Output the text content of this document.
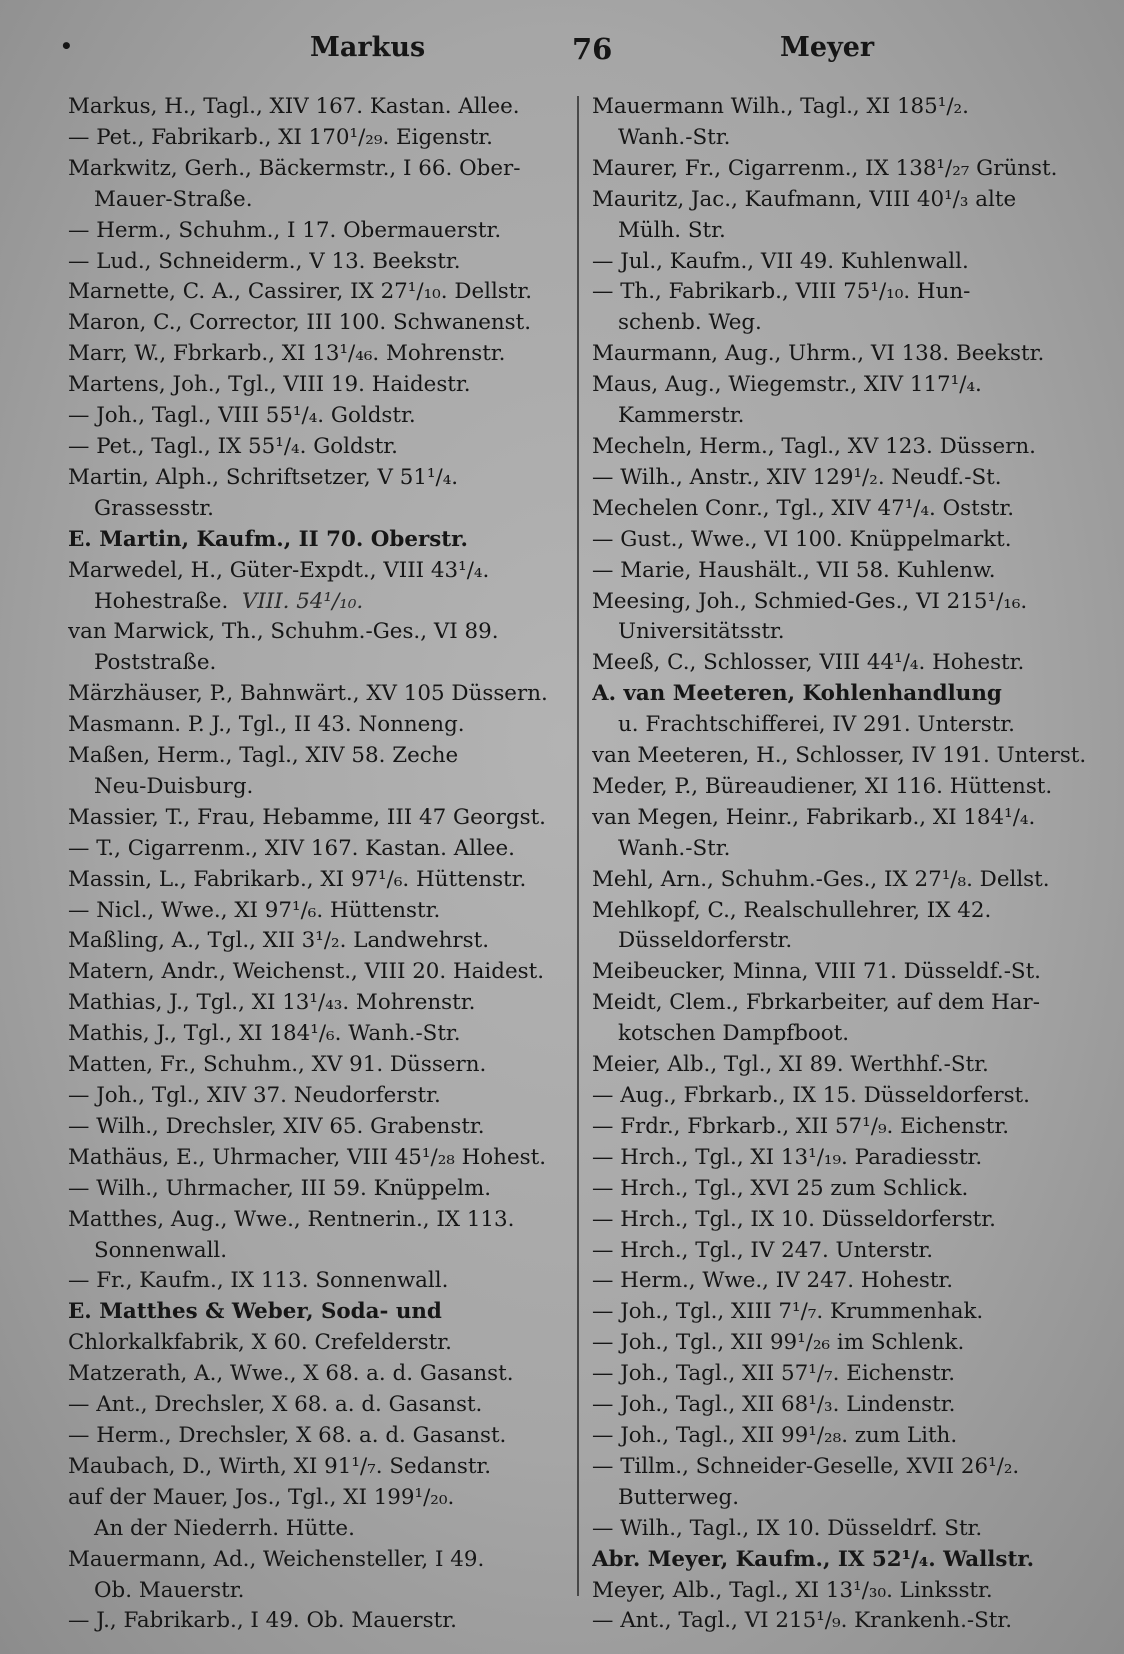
•	Markus	76	Meyer

Markus, H., Tagl., XIV 167. Kastan. Allee.

— Pet., Fabrikarb., XI 170¹/₂₉. Eigenstr.

Markwitz, Gerh., Bäckermstr., I 66. Ober-

Mauer-Straße.

— Herm., Schuhm., I 17. Obermauerstr.

— Lud., Schneiderm., V 13. Beekstr.

Marnette, C. A., Cassirer, IX 27¹/₁₀. Dellstr.

Maron, C., Corrector, III 100. Schwanenst.

Marr, W., Fbrkarb., XI 13¹/₄₆. Mohrenstr.

Martens, Joh., Tgl., VIII 19. Haidestr.

— Joh., Tagl., VIII 55¹/₄. Goldstr.

— Pet., Tagl., IX 55¹/₄. Goldstr.

Martin, Alph., Schriftsetzer, V 51¹/₄.

Grassesstr.

E. Martin, Kaufm., II 70. Oberstr.

Marwedel, H., Güter-Expdt., VIII 43¹/₄.

Hohestraße. VIII. 54¹/₁₀.

van Marwick, Th., Schuhm.-Ges., VI 89.

Poststraße.

Märzhäuser, P., Bahnwärt., XV 105 Düssern.

Masmann. P. J., Tgl., II 43. Nonneng.

Maßen, Herm., Tagl., XIV 58. Zeche

Neu-Duisburg.

Massier, T., Frau, Hebamme, III 47 Georgst.

— T., Cigarrenm., XIV 167. Kastan. Allee.

Massin, L., Fabrikarb., XI 97¹/₆. Hüttenstr.

— Nicl., Wwe., XI 97¹/₆. Hüttenstr.

Maßling, A., Tgl., XII 3¹/₂. Landwehrst.

Matern, Andr., Weichenst., VIII 20. Haidest.

Mathias, J., Tgl., XI 13¹/₄₃. Mohrenstr.

Mathis, J., Tgl., XI 184¹/₆. Wanh.-Str.

Matten, Fr., Schuhm., XV 91. Düssern.

— Joh., Tgl., XIV 37. Neudorferstr.

— Wilh., Drechsler, XIV 65. Grabenstr.

Mathäus, E., Uhrmacher, VIII 45¹/₂₈ Hohest.

— Wilh., Uhrmacher, III 59. Knüppelm.

Matthes, Aug., Wwe., Rentnerin., IX 113.

Sonnenwall.

— Fr., Kaufm., IX 113. Sonnenwall.

E. Matthes & Weber, Soda- und

Chlorkalkfabrik, X 60. Crefelderstr.

Matzerath, A., Wwe., X 68. a. d. Gasanst.

— Ant., Drechsler, X 68. a. d. Gasanst.

— Herm., Drechsler, X 68. a. d. Gasanst.

Maubach, D., Wirth, XI 91¹/₇. Sedanstr.

auf der Mauer, Jos., Tgl., XI 199¹/₂₀.

An der Niederrh. Hütte.

Mauermann, Ad., Weichensteller, I 49.

Ob. Mauerstr.

— J., Fabrikarb., I 49. Ob. Mauerstr.

Mauermann Wilh., Tagl., XI 185¹/₂.

Wanh.-Str.

Maurer, Fr., Cigarrenm., IX 138¹/₂₇ Grünst.

Mauritz, Jac., Kaufmann, VIII 40¹/₃ alte

Mülh. Str.

— Jul., Kaufm., VII 49. Kuhlenwall.

— Th., Fabrikarb., VIII 75¹/₁₀. Hun-

schenb. Weg.

Maurmann, Aug., Uhrm., VI 138. Beekstr.

Maus, Aug., Wiegemstr., XIV 117¹/₄.

Kammerstr.

Mecheln, Herm., Tagl., XV 123. Düssern.

— Wilh., Anstr., XIV 129¹/₂. Neudf.-St.

Mechelen Conr., Tgl., XIV 47¹/₄. Oststr.

— Gust., Wwe., VI 100. Knüppelmarkt.

— Marie, Haushält., VII 58. Kuhlenw.

Meesing, Joh., Schmied-Ges., VI 215¹/₁₆.

Universitätsstr.

Meeß, C., Schlosser, VIII 44¹/₄. Hohestr.

A. van Meeteren, Kohlenhandlung

u. Frachtschifferei, IV 291. Unterstr.

van Meeteren, H., Schlosser, IV 191. Unterst.

Meder, P., Büreaudiener, XI 116. Hüttenst.

van Megen, Heinr., Fabrikarb., XI 184¹/₄.

Wanh.-Str.

Mehl, Arn., Schuhm.-Ges., IX 27¹/₈. Dellst.

Mehlkopf, C., Realschullehrer, IX 42.

Düsseldorferstr.

Meibeucker, Minna, VIII 71. Düsseldf.-St.

Meidt, Clem., Fbrkarbeiter, auf dem Har-

kotschen Dampfboot.

Meier, Alb., Tgl., XI 89. Werthhf.-Str.

— Aug., Fbrkarb., IX 15. Düsseldorferst.

— Frdr., Fbrkarb., XII 57¹/₉. Eichenstr.

— Hrch., Tgl., XI 13¹/₁₉. Paradiesstr.

— Hrch., Tgl., XVI 25 zum Schlick.

— Hrch., Tgl., IX 10. Düsseldorferstr.

— Hrch., Tgl., IV 247. Unterstr.

— Herm., Wwe., IV 247. Hohestr.

— Joh., Tgl., XIII 7¹/₇. Krummenhak.

— Joh., Tgl., XII 99¹/₂₆ im Schlenk.

— Joh., Tagl., XII 57¹/₇. Eichenstr.

— Joh., Tagl., XII 68¹/₃. Lindenstr.

— Joh., Tagl., XII 99¹/₂₈. zum Lith.

— Tillm., Schneider-Geselle, XVII 26¹/₂.

Butterweg.

— Wilh., Tagl., IX 10. Düsseldrf. Str.

Abr. Meyer, Kaufm., IX 52¹/₄. Wallstr.

Meyer, Alb., Tagl., XI 13¹/₃₀. Linksstr.

— Ant., Tagl., VI 215¹/₉. Krankenh.-Str.
